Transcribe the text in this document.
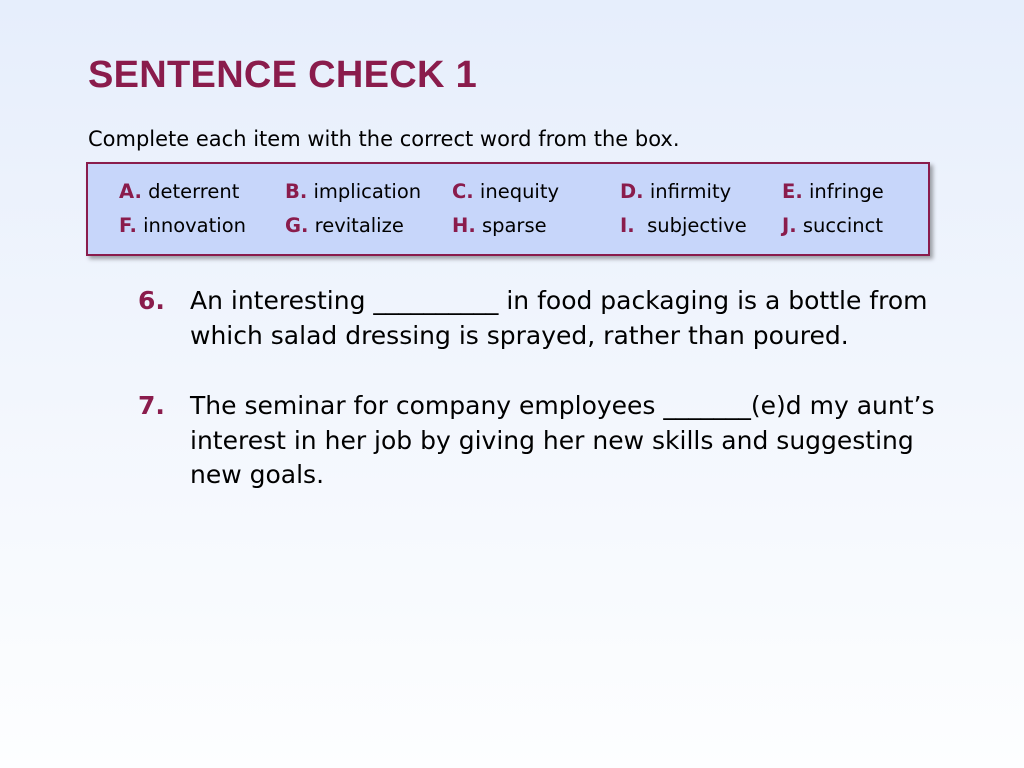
SENTENCE CHECK 1
Complete each item with the correct word from the box.
A. deterrent B. implication C. inequity	D. infirmity	E. infringe
F. innovation G. revitalize H. sparse	I.  subjective J. succinct
6. An interesting __________ in food packaging is a bottle from which salad dressing is sprayed, rather than poured.
7. The seminar for company employees _______(e)d my aunt’s interest in her job by giving her new skills and suggesting new goals.
